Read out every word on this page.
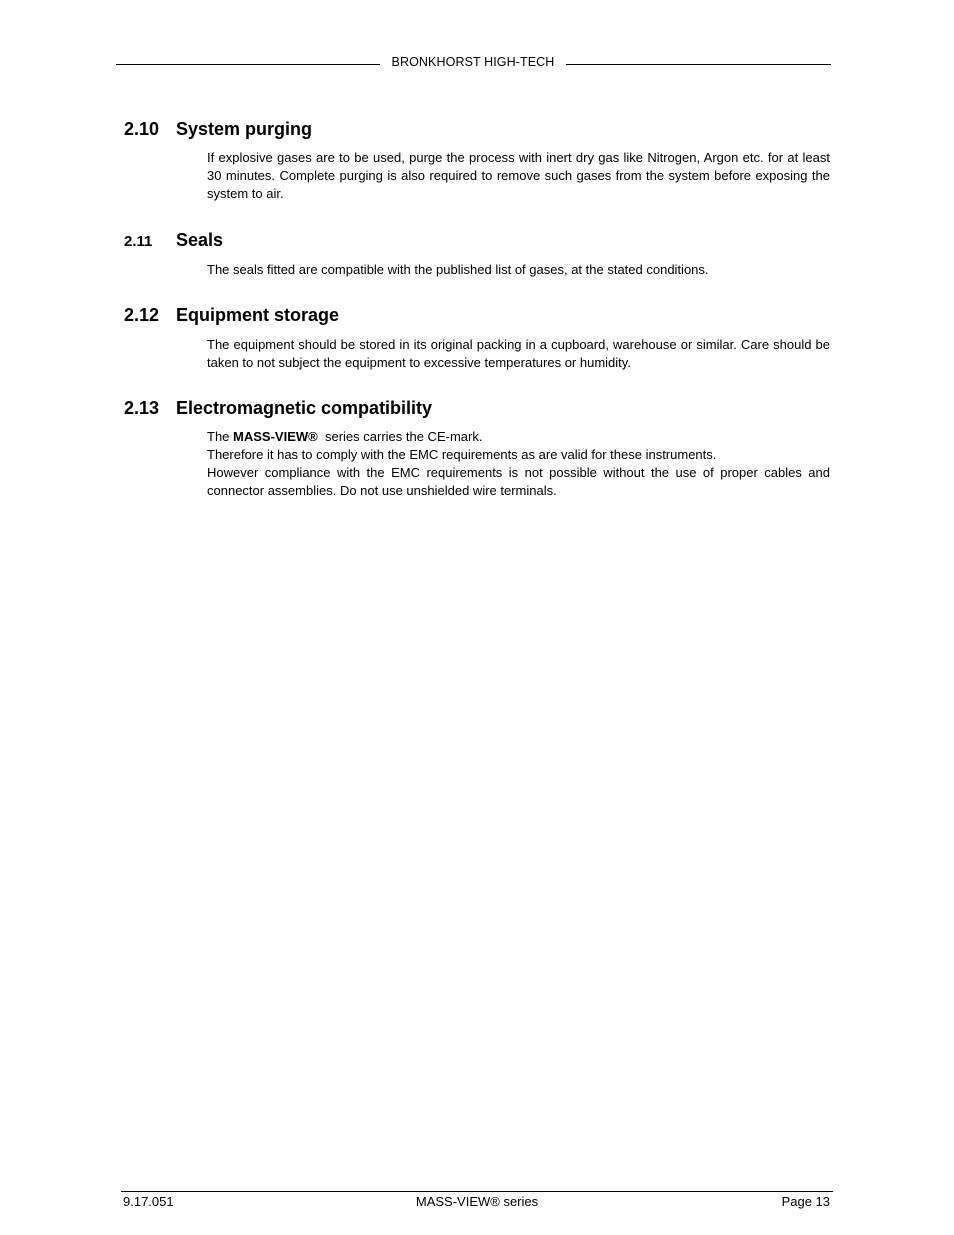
BRONKHORST HIGH-TECH
2.10 System purging

If explosive gases are to be used, purge the process with inert dry gas like Nitrogen, Argon etc. for at least 30 minutes. Complete purging is also required to remove such gases from the system before exposing the system to air.

2.11 Seals

The seals fitted are compatible with the published list of gases, at the stated conditions.

2.12 Equipment storage

The equipment should be stored in its original packing in a cupboard, warehouse or similar. Care should be taken to not subject the equipment to excessive temperatures or humidity.

2.13 Electromagnetic compatibility

The MASS-VIEW® series carries the CE-mark.

Therefore it has to comply with the EMC requirements as are valid for these instruments.

However compliance with the EMC requirements is not possible without the use of proper cables and connector assemblies. Do not use unshielded wire terminals.

9.17.051	MASS-VIEW® series	Page 13
